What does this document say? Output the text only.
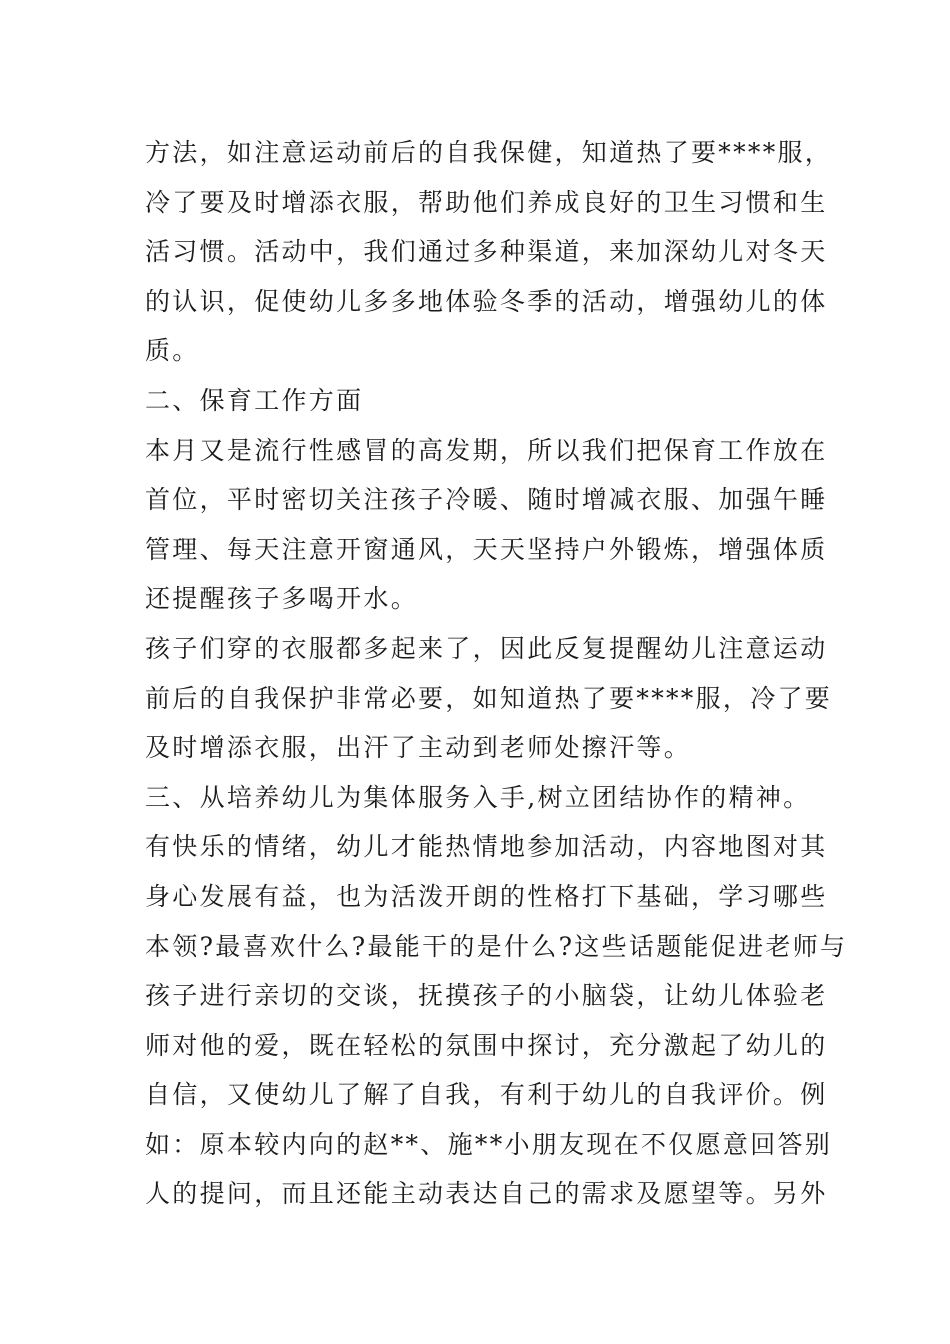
方法，如注意运动前后的自我保健，知道热了要****服，
冷了要及时增添衣服，帮助他们养成良好的卫生习惯和生
活习惯。活动中，我们通过多种渠道，来加深幼儿对冬天
的认识，促使幼儿多多地体验冬季的活动，增强幼儿的体
质。
二、保育工作方面
本月又是流行性感冒的高发期，所以我们把保育工作放在
首位，平时密切关注孩子冷暖、随时增减衣服、加强午睡
管理、每天注意开窗通风，天天坚持户外锻炼，增强体质
还提醒孩子多喝开水。
孩子们穿的衣服都多起来了，因此反复提醒幼儿注意运动
前后的自我保护非常必要，如知道热了要****服，冷了要
及时增添衣服，出汗了主动到老师处擦汗等。
三、从培养幼儿为集体服务入手,树立团结协作的精神。
有快乐的情绪，幼儿才能热情地参加活动，内容地图对其
身心发展有益，也为活泼开朗的性格打下基础，学习哪些
本领?最喜欢什么?最能干的是什么?这些话题能促进老师与
孩子进行亲切的交谈，抚摸孩子的小脑袋，让幼儿体验老
师对他的爱，既在轻松的氛围中探讨，充分激起了幼儿的
自信，又使幼儿了解了自我，有利于幼儿的自我评价。例
如：原本较内向的赵**、施**小朋友现在不仅愿意回答别
人的提问，而且还能主动表达自己的需求及愿望等。另外
